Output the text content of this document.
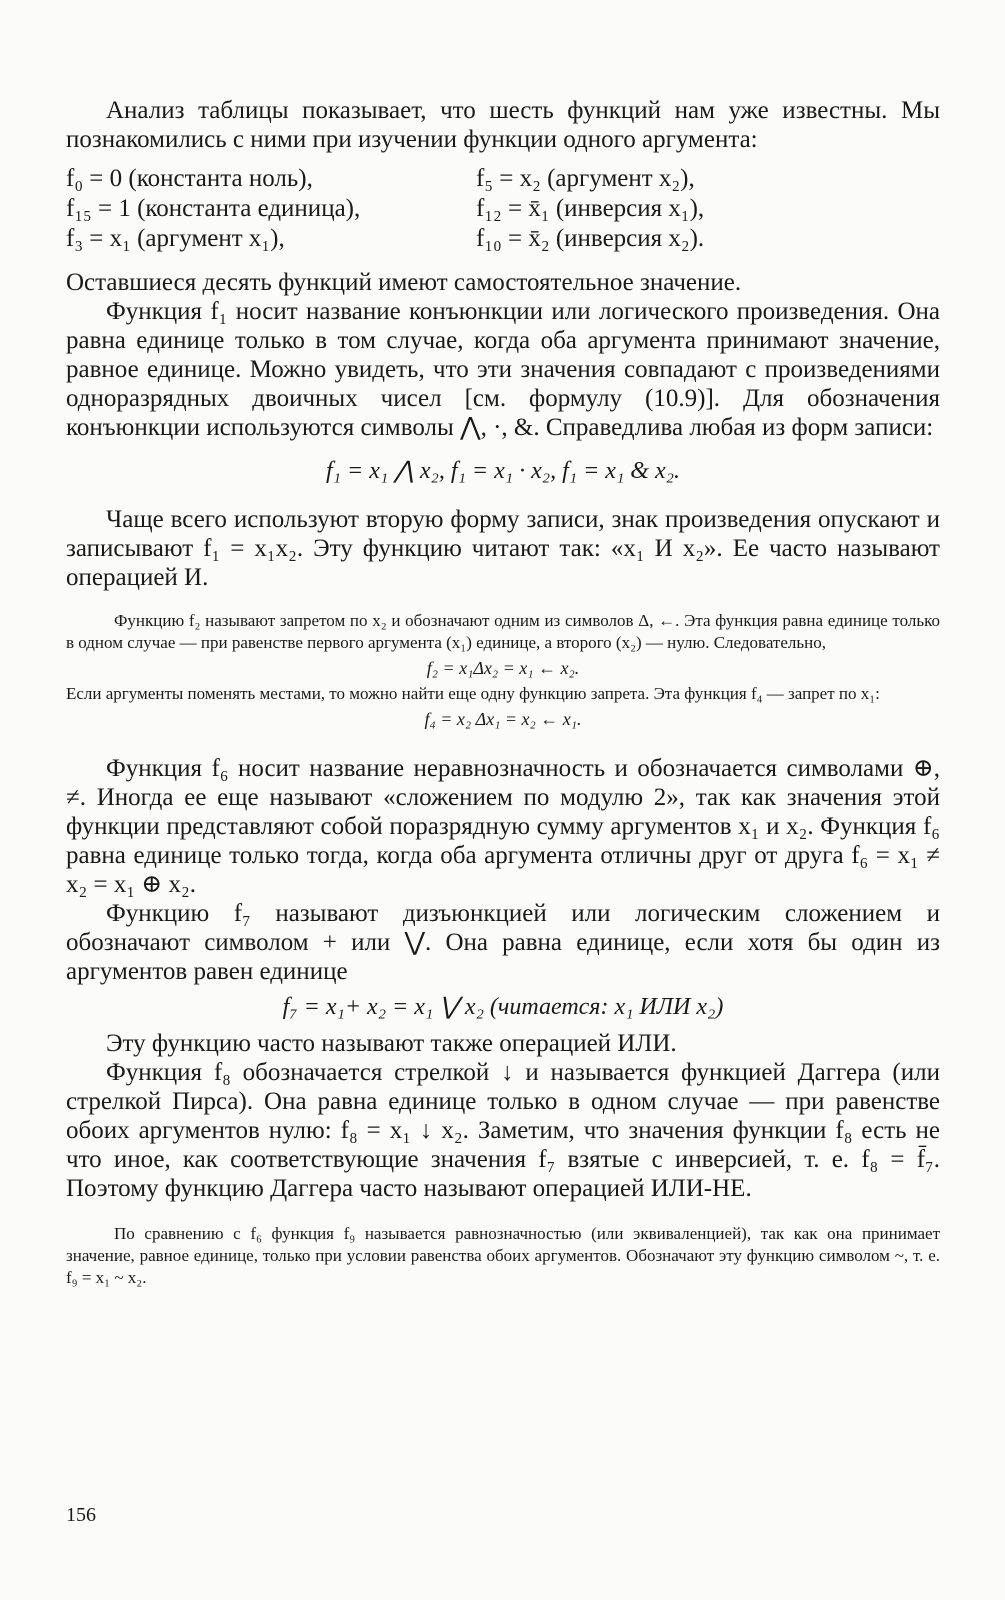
Анализ таблицы показывает, что шесть функций нам уже известны. Мы познакомились с ними при изучении функции одного аргумента:

f₀ = 0 (константа ноль),	f₅ = x₂ (аргумент x₂),
f₁₅ = 1 (константа единица),	f₁₂ = x̄₁ (инверсия x₁),
f₃ = x₁ (аргумент x₁),	f₁₀ = x̄₂ (инверсия x₂).

Оставшиеся десять функций имеют самостоятельное значение.

Функция f₁ носит название конъюнкции или логического произведения. Она равна единице только в том случае, когда оба аргумента принимают значение, равное единице. Можно увидеть, что эти значения совпадают с произведениями одноразрядных двоичных чисел [см. формулу (10.9)]. Для обозначения конъюнкции используются символы ⋀, ·, &. Справедлива любая из форм записи:

f₁ = x₁ ⋀ x₂, f₁ = x₁ · x₂, f₁ = x₁ & x₂.

Чаще всего используют вторую форму записи, знак произведения опускают и записывают f₁ = x₁x₂. Эту функцию читают так: «x₁ И x₂». Ее часто называют операцией И.

Функцию f₂ называют запретом по x₂ и обозначают одним из символов Δ, ←. Эта функция равна единице только в одном случае — при равенстве первого аргумента (x₁) единице, а второго (x₂) — нулю. Следовательно,

f₂ = x₁Δx₂ = x₁ ← x₂.

Если аргументы поменять местами, то можно найти еще одну функцию запрета. Эта функция f₄ — запрет по x₁:

f₄ = x₂ Δx₁ = x₂ ← x₁.

Функция f₆ носит название неравнозначность и обозначается символами ⊕, ≠. Иногда ее еще называют «сложением по модулю 2», так как значения этой функции представляют собой поразрядную сумму аргументов x₁ и x₂. Функция f₆ равна единице только тогда, когда оба аргумента отличны друг от друга f₆ = x₁ ≠ x₂ = x₁ ⊕ x₂.

Функцию f₇ называют дизъюнкцией или логическим сложением и обозначают символом + или ⋁. Она равна единице, если хотя бы один из аргументов равен единице

f₇ = x₁+ x₂ = x₁ ⋁ x₂ (читается: x₁ ИЛИ x₂)

Эту функцию часто называют также операцией ИЛИ.

Функция f₈ обозначается стрелкой ↓ и называется функцией Даггера (или стрелкой Пирса). Она равна единице только в одном случае — при равенстве обоих аргументов нулю: f₈ = x₁ ↓ x₂. Заметим, что значения функции f₈ есть не что иное, как соответствующие значения f₇ взятые с инверсией, т. е. f₈ = f̄₇. Поэтому функцию Даггера часто называют операцией ИЛИ-НЕ.

По сравнению с f₆ функция f₉ называется равнозначностью (или эквиваленцией), так как она принимает значение, равное единице, только при условии равенства обоих аргументов. Обозначают эту функцию символом ~, т. е. f₉ = x₁ ~ x₂.

156
